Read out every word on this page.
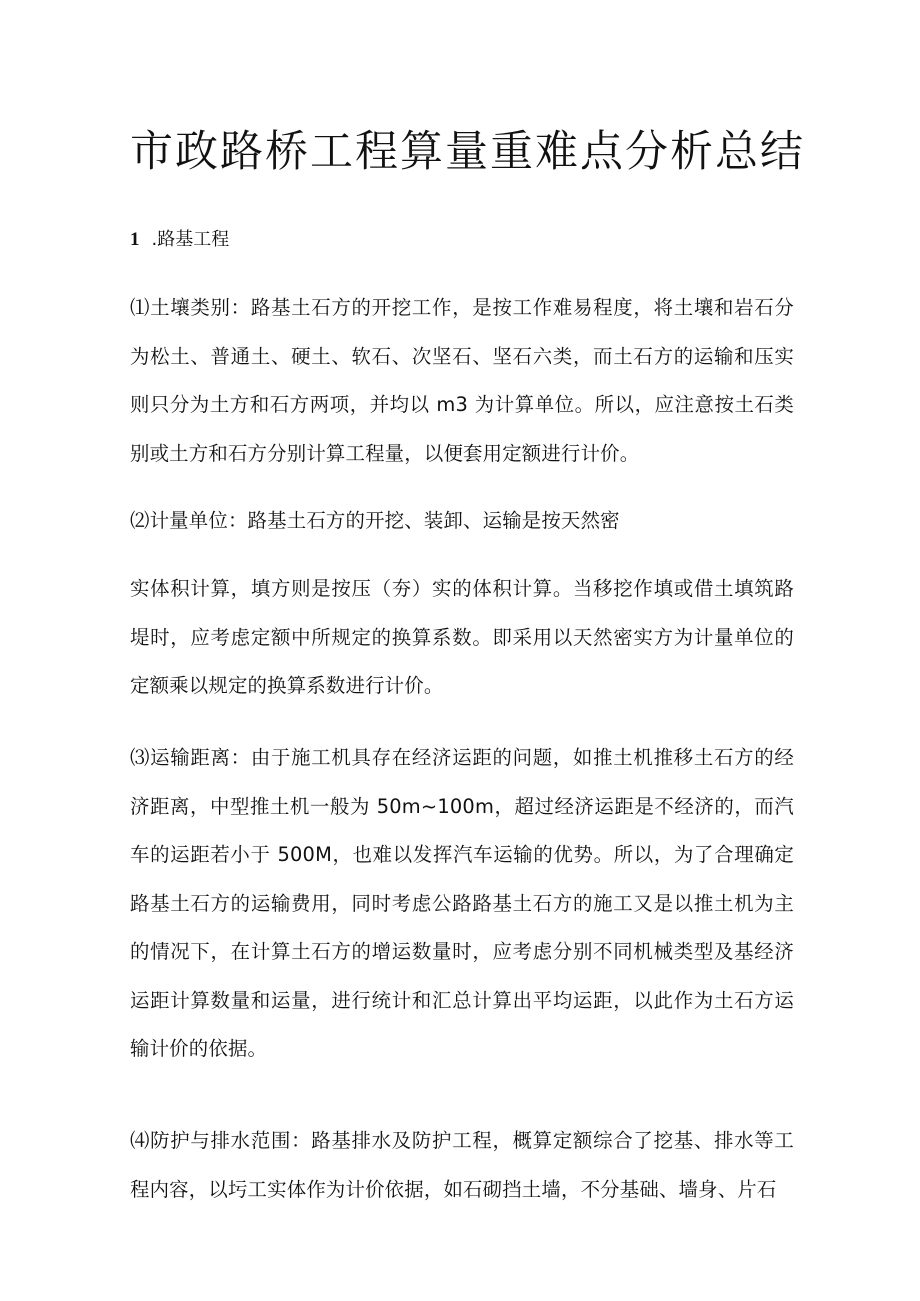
市政路桥工程算量重难点分析总结
1 .路基工程

⑴土壤类别：路基土石方的开挖工作，是按工作难易程度，将土壤和岩石分为松土、普通土、硬土、软石、次坚石、坚石六类，而土石方的运输和压实则只分为土方和石方两项，并均以 m3 为计算单位。所以，应注意按土石类别或土方和石方分别计算工程量，以便套用定额进行计价。

⑵计量单位：路基土石方的开挖、装卸、运输是按天然密

实体积计算，填方则是按压（夯）实的体积计算。当移挖作填或借土填筑路堤时，应考虑定额中所规定的换算系数。即采用以天然密实方为计量单位的定额乘以规定的换算系数进行计价。

⑶运输距离：由于施工机具存在经济运距的问题，如推土机推移土石方的经济距离，中型推土机一般为 50m~100m，超过经济运距是不经济的，而汽车的运距若小于 500M，也难以发挥汽车运输的优势。所以，为了合理确定路基土石方的运输费用，同时考虑公路路基土石方的施工又是以推土机为主的情况下，在计算土石方的增运数量时，应考虑分别不同机械类型及基经济运距计算数量和运量，进行统计和汇总计算出平均运距，以此作为土石方运输计价的依据。

⑷防护与排水范围：路基排水及防护工程，概算定额综合了挖基、排水等工程内容，以圬工实体作为计价依据，如石砌挡土墙，不分基础、墙身、片石
